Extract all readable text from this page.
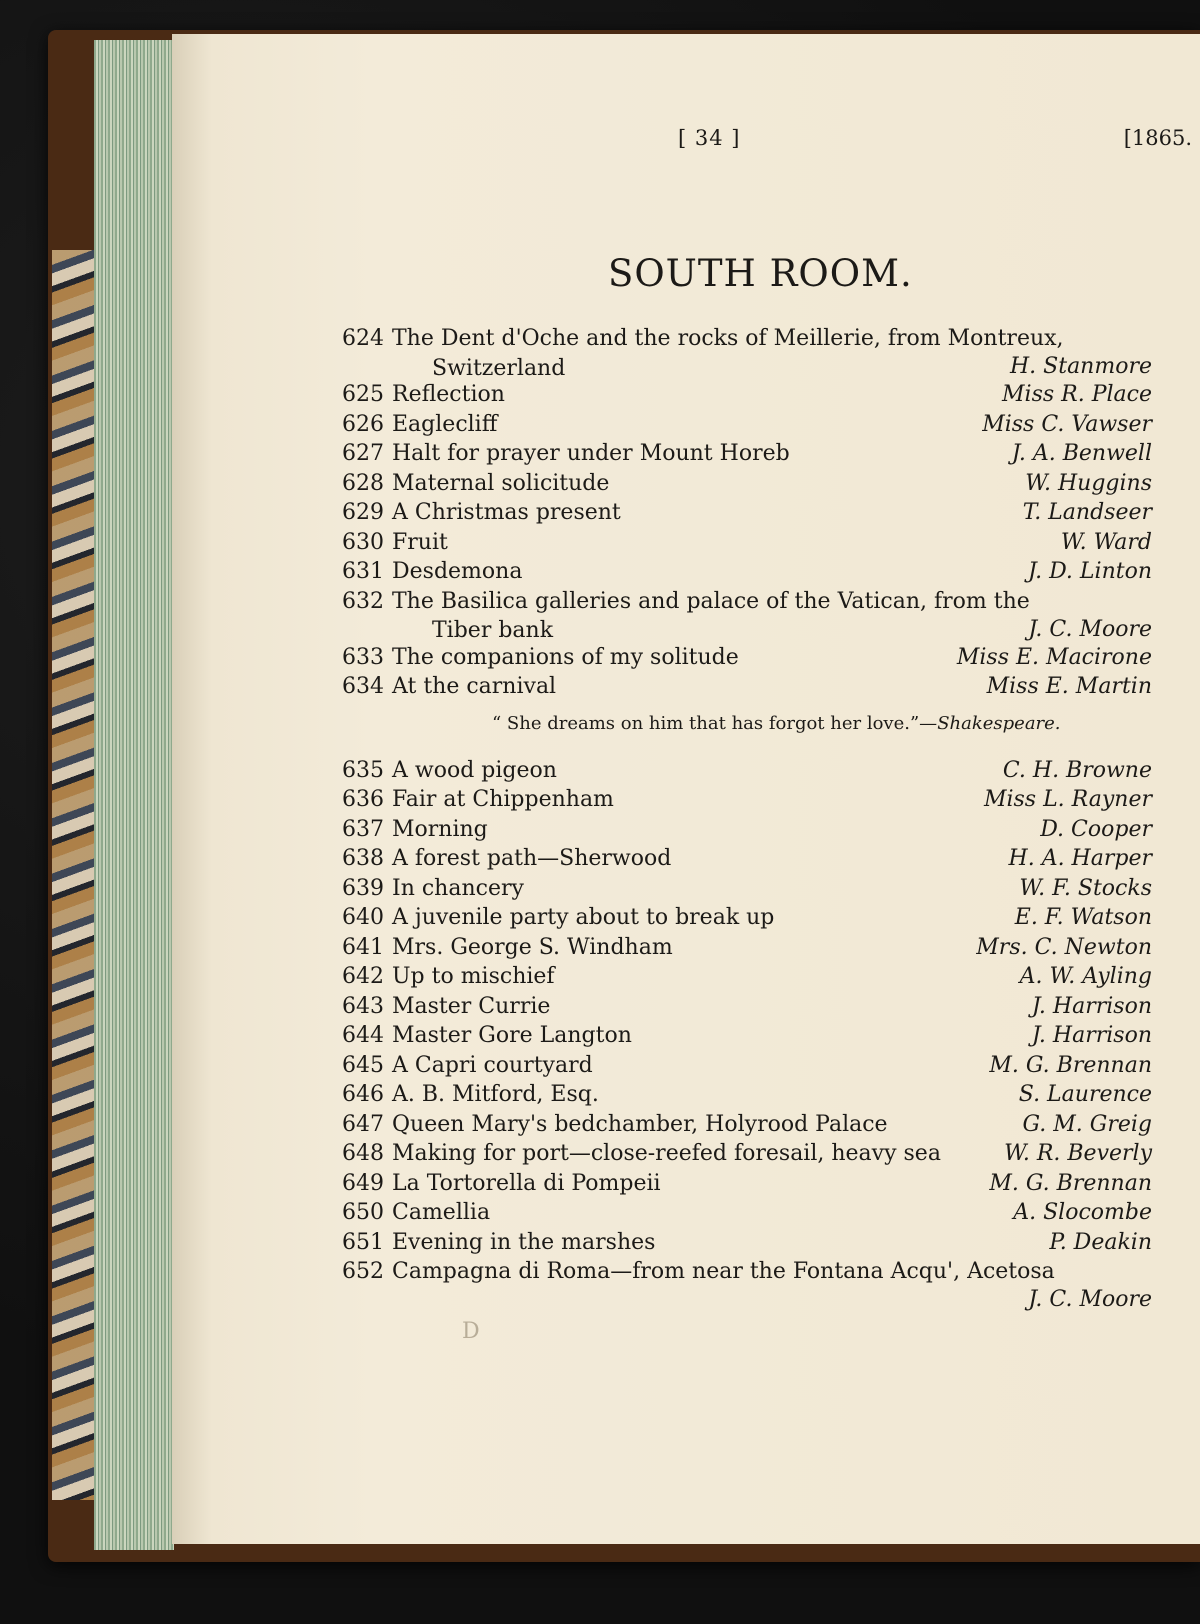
[ 34 ]	[1865.
SOUTH ROOM.
624 The Dent d'Oche and the rocks of Meillerie, from Montreux,
Switzerland	H. Stanmore
625 Reflection	Miss R. Place
626 Eaglecliff	Miss C. Vawser
627 Halt for prayer under Mount Horeb	J. A. Benwell
628 Maternal solicitude	W. Huggins
629 A Christmas present	T. Landseer
630 Fruit	W. Ward
631 Desdemona	J. D. Linton
632 The Basilica galleries and palace of the Vatican, from the
Tiber bank	J. C. Moore
633 The companions of my solitude	Miss E. Macirone
634 At the carnival	Miss E. Martin
“ She dreams on him that has forgot her love.”—Shakespeare.
635 A wood pigeon	C. H. Browne
636 Fair at Chippenham	Miss L. Rayner
637 Morning	D. Cooper
638 A forest path—Sherwood	H. A. Harper
639 In chancery	W. F. Stocks
640 A juvenile party about to break up	E. F. Watson
641 Mrs. George S. Windham	Mrs. C. Newton
642 Up to mischief	A. W. Ayling
643 Master Currie	J. Harrison
644 Master Gore Langton	J. Harrison
645 A Capri courtyard	M. G. Brennan
646 A. B. Mitford, Esq.	S. Laurence
647 Queen Mary's bedchamber, Holyrood Palace	G. M. Greig
648 Making for port—close-reefed foresail, heavy sea	W. R. Beverly
649 La Tortorella di Pompeii	M. G. Brennan
650 Camellia	A. Slocombe
651 Evening in the marshes	P. Deakin
652 Campagna di Roma—from near the Fontana Acqu', Acetosa
J. C. Moore
D
